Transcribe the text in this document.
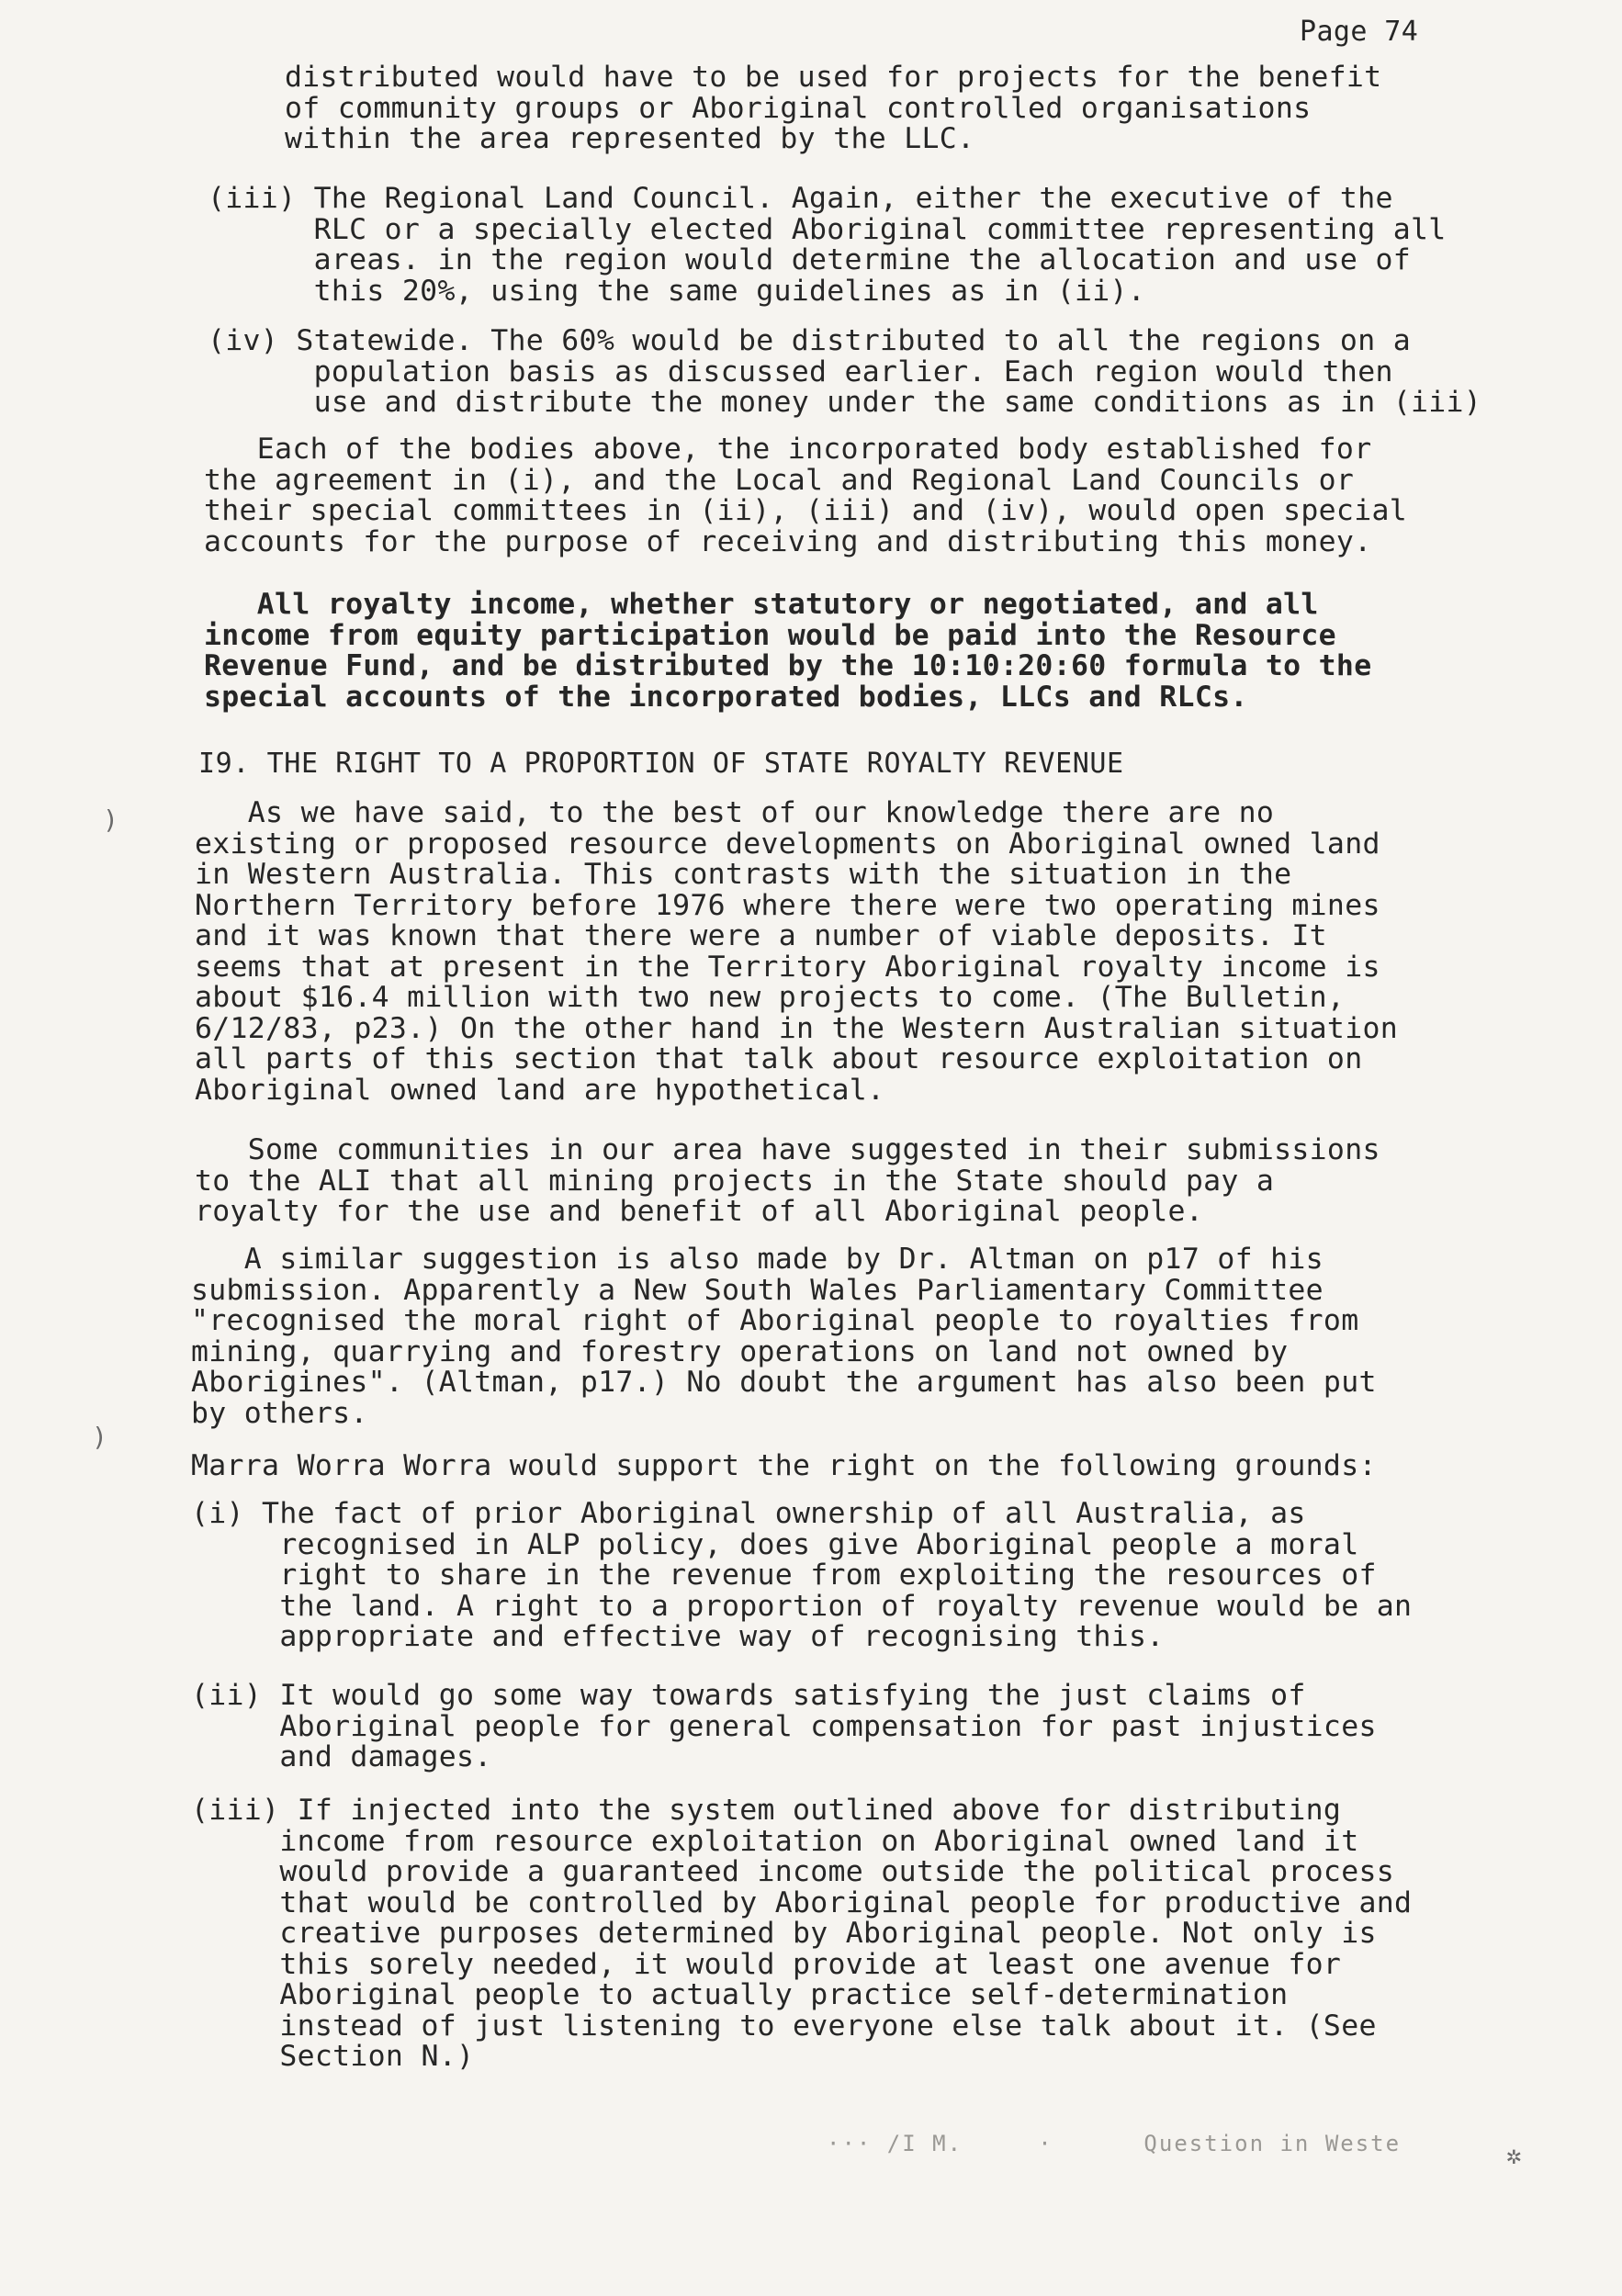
Page 74
distributed would have to be used for projects for the benefit
of community groups or Aboriginal controlled organisations
within the area represented by the LLC.
(iii) The Regional Land Council. Again, either the executive of the
RLC or a specially elected Aboriginal committee representing all
areas. in the region would determine the allocation and use of
this 20%, using the same guidelines as in (ii).
(iv) Statewide. The 60% would be distributed to all the regions on a
population basis as discussed earlier. Each region would then
use and distribute the money under the same conditions as in (iii)
Each of the bodies above, the incorporated body established for
the agreement in (i), and the Local and Regional Land Councils or
their special committees in (ii), (iii) and (iv), would open special
accounts for the purpose of receiving and distributing this money.
All royalty income, whether statutory or negotiated, and all
income from equity participation would be paid into the Resource
Revenue Fund, and be distributed by the 10:10:20:60 formula to the
special accounts of the incorporated bodies, LLCs and RLCs.
I9. THE RIGHT TO A PROPORTION OF STATE ROYALTY REVENUE
As we have said, to the best of our knowledge there are no
existing or proposed resource developments on Aboriginal owned land
in Western Australia. This contrasts with the situation in the
Northern Territory before 1976 where there were two operating mines
and it was known that there were a number of viable deposits. It
seems that at present in the Territory Aboriginal royalty income is
about $16.4 million with two new projects to come. (The Bulletin,
6/12/83, p23.) On the other hand in the Western Australian situation
all parts of this section that talk about resource exploitation on
Aboriginal owned land are hypothetical.
Some communities in our area have suggested in their submissions
to the ALI that all mining projects in the State should pay a
royalty for the use and benefit of all Aboriginal people.
A similar suggestion is also made by Dr. Altman on p17 of his
submission. Apparently a New South Wales Parliamentary Committee
"recognised the moral right of Aboriginal people to royalties from
mining, quarrying and forestry operations on land not owned by
Aborigines". (Altman, p17.) No doubt the argument has also been put
by others.
Marra Worra Worra would support the right on the following grounds:
(i) The fact of prior Aboriginal ownership of all Australia, as
recognised in ALP policy, does give Aboriginal people a moral
right to share in the revenue from exploiting the resources of
the land. A right to a proportion of royalty revenue would be an
appropriate and effective way of recognising this.
(ii) It would go some way towards satisfying the just claims of
Aboriginal people for general compensation for past injustices
and damages.
(iii) If injected into the system outlined above for distributing
income from resource exploitation on Aboriginal owned land it
would provide a guaranteed income outside the political process
that would be controlled by Aboriginal people for productive and
creative purposes determined by Aboriginal people. Not only is
this sorely needed, it would provide at least one avenue for
Aboriginal people to actually practice self-determination
instead of just listening to everyone else talk about it. (See
Section N.)
··· /I M.     ·      Question in Weste
)
)
✲
